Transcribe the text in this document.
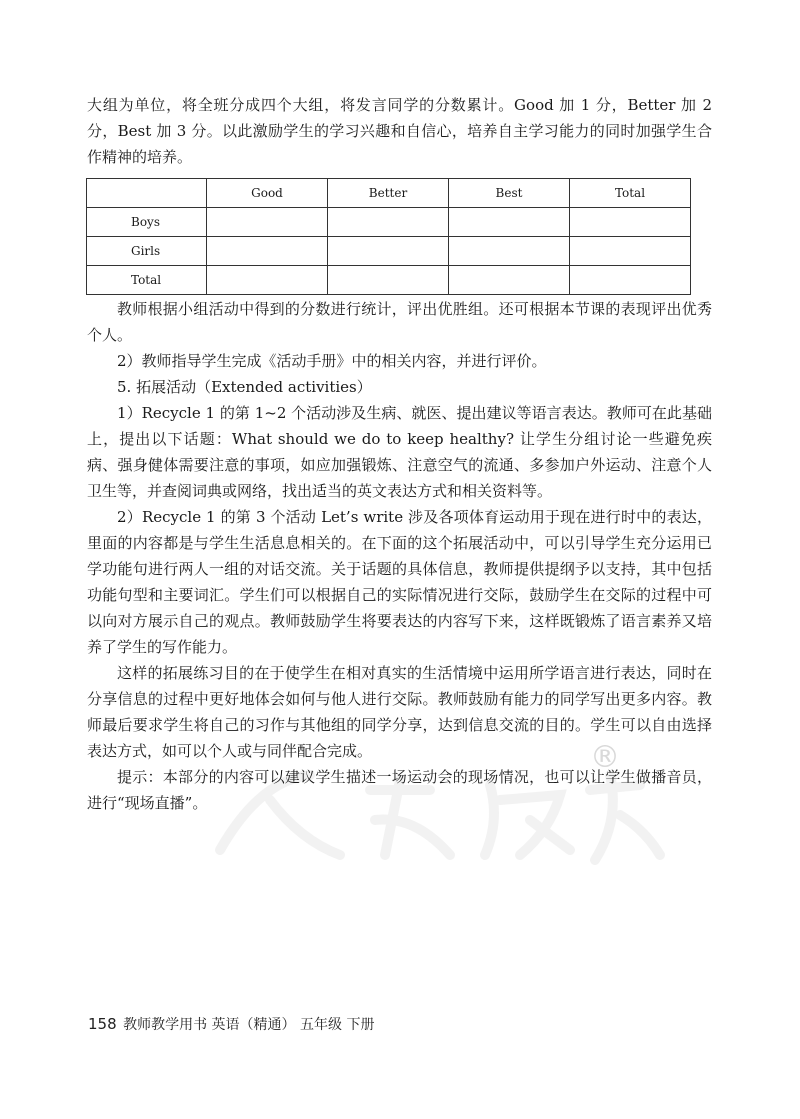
®

大组为单位，将全班分成四个大组，将发言同学的分数累计。Good 加 1 分，Better 加 2 分，Best 加 3 分。以此激励学生的学习兴趣和自信心，培养自主学习能力的同时加强学生合作精神的培养。

	Good	Better	Best	Total
Boys				
Girls				
Total				

教师根据小组活动中得到的分数进行统计，评出优胜组。还可根据本节课的表现评出优秀个人。

2）教师指导学生完成《活动手册》中的相关内容，并进行评价。

5. 拓展活动（Extended activities）

1）Recycle 1 的第 1~2 个活动涉及生病、就医、提出建议等语言表达。教师可在此基础上，提出以下话题：What should we do to keep healthy? 让学生分组讨论一些避免疾病、强身健体需要注意的事项，如应加强锻炼、注意空气的流通、多参加户外运动、注意个人卫生等，并查阅词典或网络，找出适当的英文表达方式和相关资料等。

2）Recycle 1 的第 3 个活动 Let’s write 涉及各项体育运动用于现在进行时中的表达，里面的内容都是与学生生活息息相关的。在下面的这个拓展活动中，可以引导学生充分运用已学功能句进行两人一组的对话交流。关于话题的具体信息，教师提供提纲予以支持，其中包括功能句型和主要词汇。学生们可以根据自己的实际情况进行交际，鼓励学生在交际的过程中可以向对方展示自己的观点。教师鼓励学生将要表达的内容写下来，这样既锻炼了语言素养又培养了学生的写作能力。

这样的拓展练习目的在于使学生在相对真实的生活情境中运用所学语言进行表达，同时在分享信息的过程中更好地体会如何与他人进行交际。教师鼓励有能力的同学写出更多内容。教师最后要求学生将自己的习作与其他组的同学分享，达到信息交流的目的。学生可以自由选择表达方式，如可以个人或与同伴配合完成。

提示：本部分的内容可以建议学生描述一场运动会的现场情况，也可以让学生做播音员，进行“现场直播”。

158 教师教学用书 英语（精通） 五年级 下册
